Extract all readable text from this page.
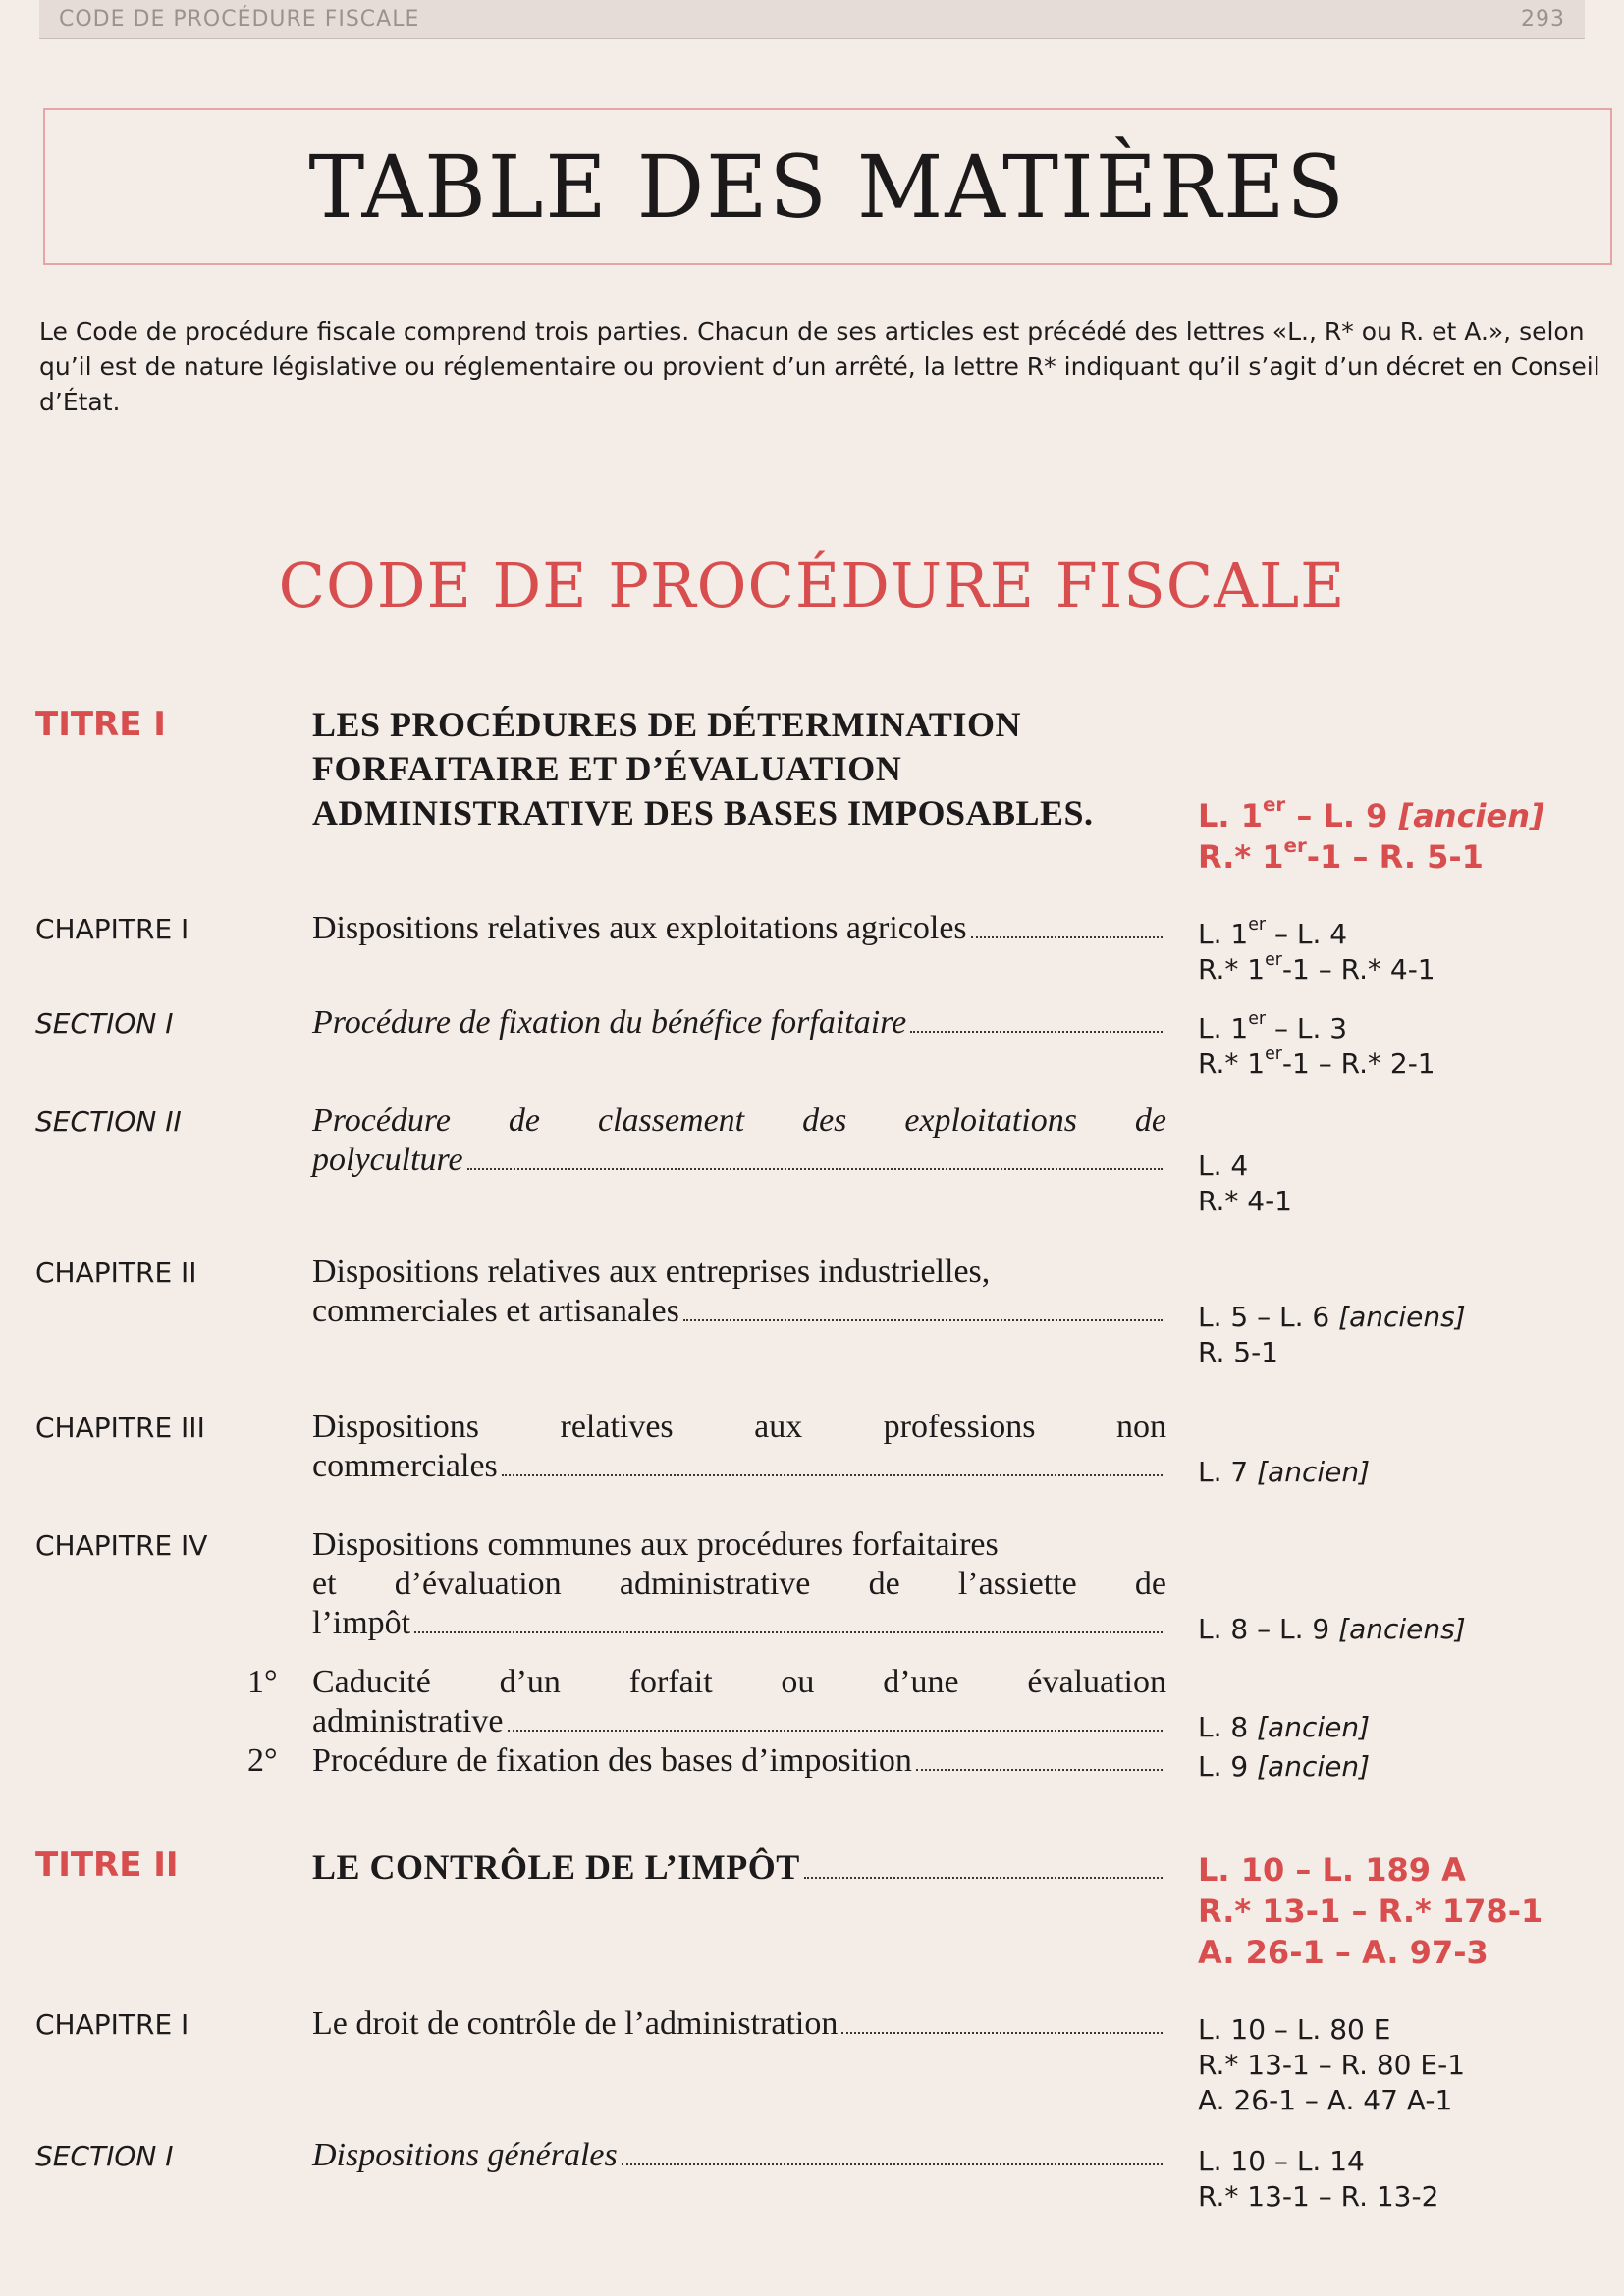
CODE DE PROCÉDURE FISCALE	293
TABLE DES MATIÈRES
Le Code de procédure fiscale comprend trois parties. Chacun de ses articles est précédé des lettres «L., R* ou R. et A.», selon qu’il est de nature législative ou réglementaire ou provient d’un arrêté, la lettre R* indiquant qu’il s’agit d’un décret en Conseil d’État.
CODE DE PROCÉDURE FISCALE
TITRE I	LES PROCÉDURES DE DÉTERMINATION
FORFAITAIRE ET D’ÉVALUATION
ADMINISTRATIVE DES BASES IMPOSABLES.	L. 1er – L. 9 [ancien]
R.* 1er-1 – R. 5-1
CHAPITRE I	Dispositions relatives aux exploitations agricoles	L. 1er – L. 4
R.* 1er-1 – R.* 4-1
SECTION I	Procédure de fixation du bénéfice forfaitaire	L. 1er – L. 3
R.* 1er-1 – R.* 2-1
SECTION II	Procédure de classement des exploitations de
polyculture	L. 4
R.* 4-1
CHAPITRE II	Dispositions relatives aux entreprises industrielles,
commerciales et artisanales	L. 5 – L. 6 [anciens]
R. 5-1
CHAPITRE III	Dispositions relatives aux professions non
commerciales	L. 7 [ancien]
CHAPITRE IV	Dispositions communes aux procédures forfaitaires
et d’évaluation administrative de l’assiette de
l’impôt	L. 8 – L. 9 [anciens]
1° Caducité d’un forfait ou d’une évaluation
administrative	L. 8 [ancien]
2° Procédure de fixation des bases d’imposition	L. 9 [ancien]
TITRE II	LE CONTRÔLE DE L’IMPÔT	L. 10 – L. 189 A
R.* 13-1 – R.* 178-1
A. 26-1 – A. 97-3
CHAPITRE I	Le droit de contrôle de l’administration	L. 10 – L. 80 E
R.* 13-1 – R. 80 E-1
A. 26-1 – A. 47 A-1
SECTION I	Dispositions générales	L. 10 – L. 14
R.* 13-1 – R. 13-2
